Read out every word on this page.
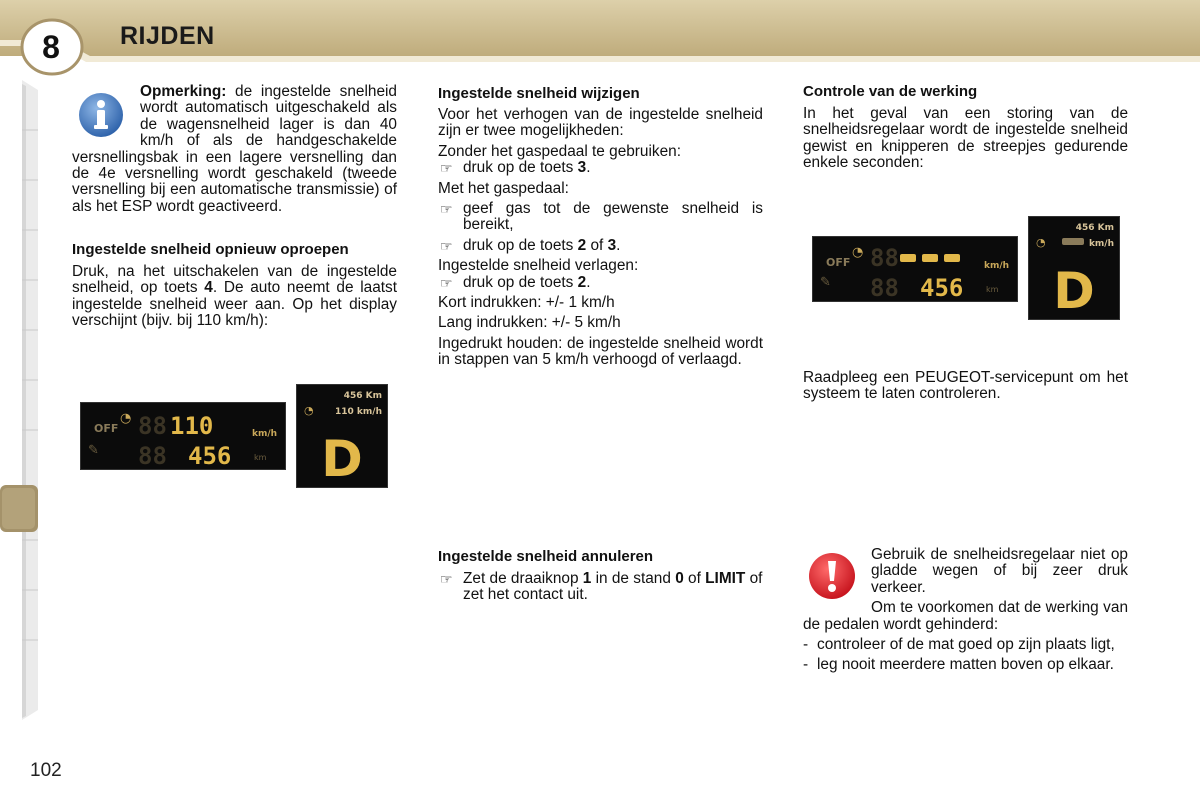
8	RIJDEN
Opmerking: de ingestelde snelheid wordt automatisch uitgeschakeld als de wagensnelheid lager is dan 40 km/h of als de handgeschakelde versnellingsbak in een lagere versnelling dan de 4e versnelling wordt geschakeld (tweede versnelling bij een automatische transmissie) of als het ESP wordt geactiveerd.
Ingestelde snelheid opnieuw oproepen
Druk, na het uitschakelen van de ingestelde snelheid, op toets 4. De auto neemt de laatst ingestelde snelheid weer aan. Op het display verschijnt (bijv. bij 110 km/h):
OFF
◔
✎
110
88
88 456
km/h
km
456 Km
◔ 110 km/h
D
Ingestelde snelheid wijzigen
Voor het verhogen van de ingestelde snelheid zijn er twee mogelijkheden:
Zonder het gaspedaal te gebruiken:
☞ druk op de toets 3.
Met het gaspedaal:
☞ geef gas tot de gewenste snelheid is bereikt,
☞ druk op de toets 2 of 3.
Ingestelde snelheid verlagen:
☞ druk op de toets 2.
Kort indrukken: +/- 1 km/h
Lang indrukken: +/- 5 km/h
Ingedrukt houden: de ingestelde snelheid wordt in stappen van 5 km/h verhoogd of verlaagd.
Ingestelde snelheid annuleren
☞ Zet de draaiknop 1 in de stand 0 of LIMIT of zet het contact uit.
Controle van de werking
In het geval van een storing van de snelheidsregelaar wordt de ingestelde snelheid gewist en knipperen de streepjes gedurende enkele seconden:
OFF
◔
✎
88
88 456
km/h
km
456 Km
◔	km/h
D
Raadpleeg een PEUGEOT-servicepunt om het systeem te laten controleren.
Gebruik de snelheidsregelaar niet op gladde wegen of bij zeer druk verkeer.
Om te voorkomen dat de werking van de pedalen wordt gehinderd:
- controleer of de mat goed op zijn plaats ligt,
- leg nooit meerdere matten boven op elkaar.
102
